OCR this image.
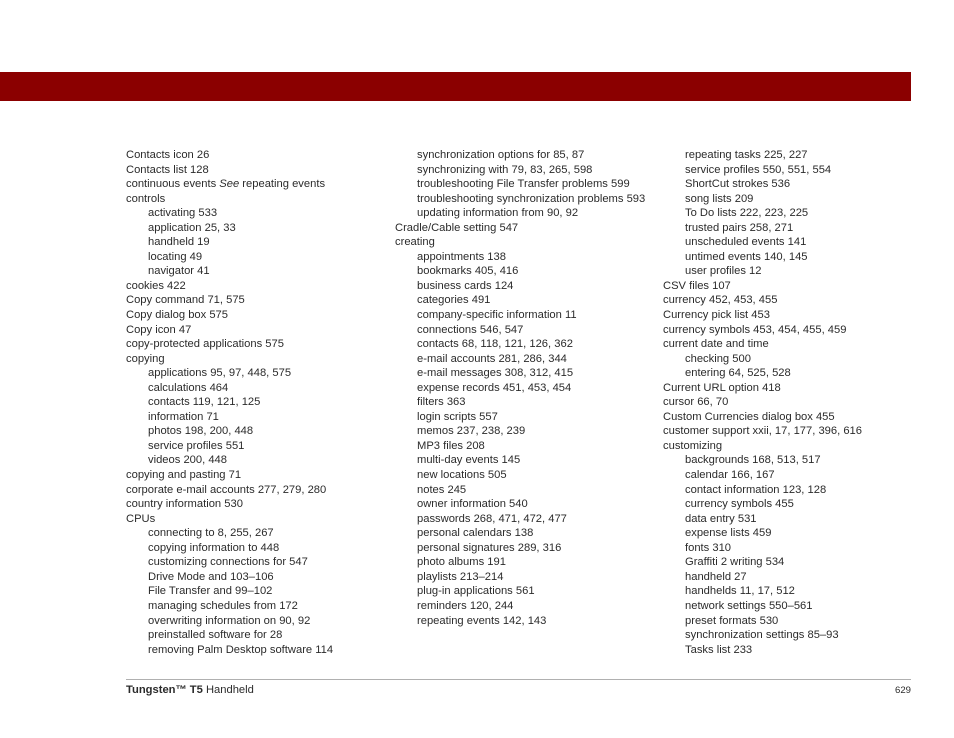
Contacts icon 26
Contacts list 128
continuous events See repeating events
controls
activating 533
application 25, 33
handheld 19
locating 49
navigator 41
cookies 422
Copy command 71, 575
Copy dialog box 575
Copy icon 47
copy-protected applications 575
copying
applications 95, 97, 448, 575
calculations 464
contacts 119, 121, 125
information 71
photos 198, 200, 448
service profiles 551
videos 200, 448
copying and pasting 71
corporate e-mail accounts 277, 279, 280
country information 530
CPUs
connecting to 8, 255, 267
copying information to 448
customizing connections for 547
Drive Mode and 103–106
File Transfer and 99–102
managing schedules from 172
overwriting information on 90, 92
preinstalled software for 28
removing Palm Desktop software 114
synchronization options for 85, 87
synchronizing with 79, 83, 265, 598
troubleshooting File Transfer problems 599
troubleshooting synchronization problems 593
updating information from 90, 92
Cradle/Cable setting 547
creating
appointments 138
bookmarks 405, 416
business cards 124
categories 491
company-specific information 11
connections 546, 547
contacts 68, 118, 121, 126, 362
e-mail accounts 281, 286, 344
e-mail messages 308, 312, 415
expense records 451, 453, 454
filters 363
login scripts 557
memos 237, 238, 239
MP3 files 208
multi-day events 145
new locations 505
notes 245
owner information 540
passwords 268, 471, 472, 477
personal calendars 138
personal signatures 289, 316
photo albums 191
playlists 213–214
plug-in applications 561
reminders 120, 244
repeating events 142, 143
repeating tasks 225, 227
service profiles 550, 551, 554
ShortCut strokes 536
song lists 209
To Do lists 222, 223, 225
trusted pairs 258, 271
unscheduled events 141
untimed events 140, 145
user profiles 12
CSV files 107
currency 452, 453, 455
Currency pick list 453
currency symbols 453, 454, 455, 459
current date and time
checking 500
entering 64, 525, 528
Current URL option 418
cursor 66, 70
Custom Currencies dialog box 455
customer support xxii, 17, 177, 396, 616
customizing
backgrounds 168, 513, 517
calendar 166, 167
contact information 123, 128
currency symbols 455
data entry 531
expense lists 459
fonts 310
Graffiti 2 writing 534
handheld 27
handhelds 11, 17, 512
network settings 550–561
preset formats 530
synchronization settings 85–93
Tasks list 233
Tungsten™ T5 Handheld	629
